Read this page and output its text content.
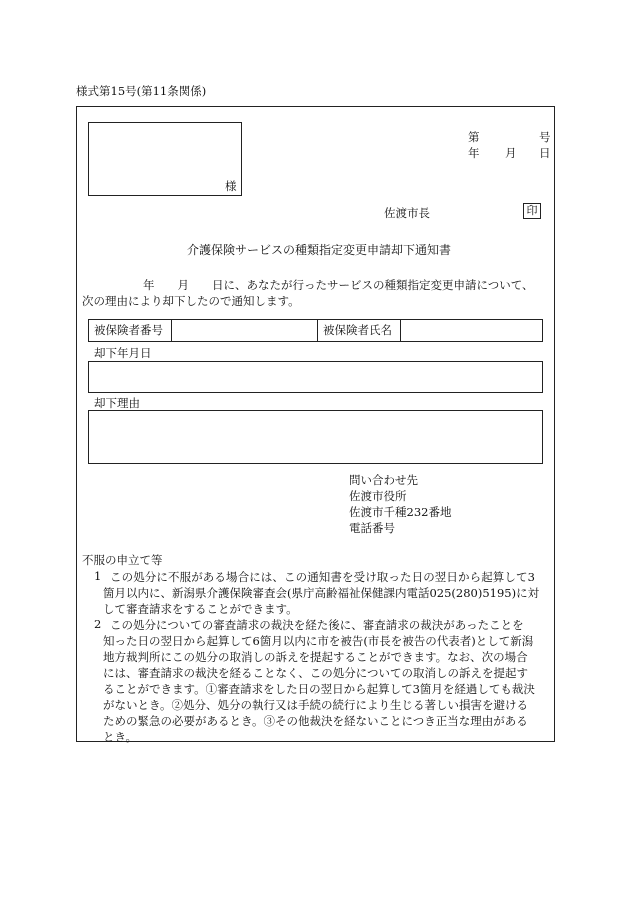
様式第15号(第11条関係)
様
第	号
年 月 日
佐渡市長	印
介護保険サービスの種類指定変更申請却下通知書
年　　月　　日に、あなたが行ったサービスの種類指定変更申請について、
次の理由により却下したので通知します。
被保険者番号	被保険者氏名
却下年月日
却下理由
問い合わせ先
佐渡市役所
佐渡市千種232番地
電話番号
不服の申立て等
1 この処分に不服がある場合には、この通知書を受け取った日の翌日から起算して3
箇月以内に、新潟県介護保険審査会(県庁高齢福祉保健課内電話025(280)5195)に対
して審査請求をすることができます。
2 この処分についての審査請求の裁決を経た後に、審査請求の裁決があったことを
知った日の翌日から起算して6箇月以内に市を被告(市長を被告の代表者)として新潟
地方裁判所にこの処分の取消しの訴えを提起することができます。なお、次の場合
には、審査請求の裁決を経ることなく、この処分についての取消しの訴えを提起す
ることができます。①審査請求をした日の翌日から起算して3箇月を経過しても裁決
がないとき。②処分、処分の執行又は手続の続行により生じる著しい損害を避ける
ための緊急の必要があるとき。③その他裁決を経ないことにつき正当な理由がある
とき。
